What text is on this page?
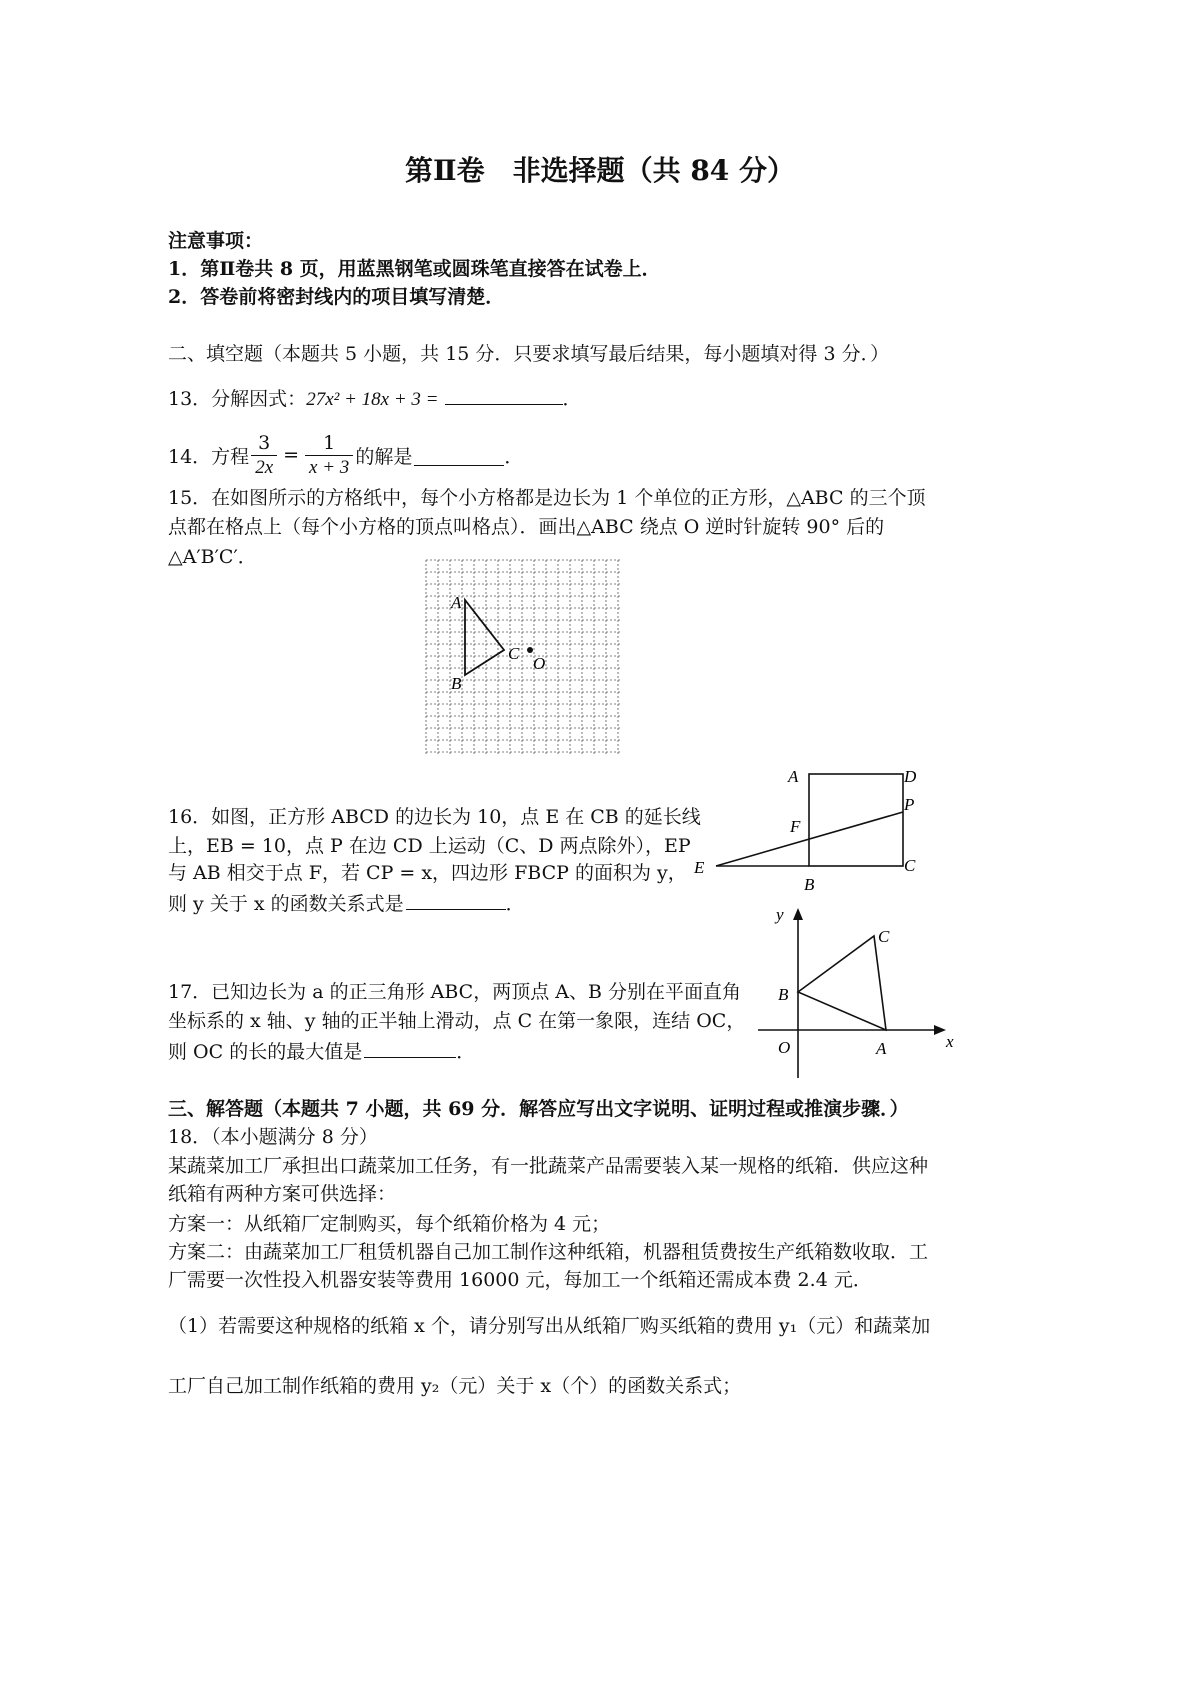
第Ⅱ卷　非选择题（共 84 分）
注意事项：
1．第Ⅱ卷共 8 页，用蓝黑钢笔或圆珠笔直接答在试卷上．
2．答卷前将密封线内的项目填写清楚．
二、填空题（本题共 5 小题，共 15 分．只要求填写最后结果，每小题填对得 3 分．）
13．分解因式：27x² + 18x + 3 =	．
14．方程 $\frac{3}{2x} = \frac{1}{x + 3}$ 的解是	．
15．在如图所示的方格纸中，每个小方格都是边长为 1 个单位的正方形，△ABC 的三个顶
点都在格点上（每个小方格的顶点叫格点）．画出△ABC 绕点 O 逆时针旋转 90° 后的
△A′B′C′．
A
B
C
O
16．如图，正方形 ABCD 的边长为 10，点 E 在 CB 的延长线
上，EB = 10，点 P 在边 CD 上运动（C、D 两点除外），EP
与 AB 相交于点 F，若 CP = x，四边形 FBCP 的面积为 y，
则 y 关于 x 的函数关系式是	．
A	D
P
F
E
B
C
17．已知边长为 a 的正三角形 ABC，两顶点 A、B 分别在平面直角
坐标系的 x 轴、y 轴的正半轴上滑动，点 C 在第一象限，连结 OC，
则 OC 的长的最大值是	．
y
x
O	A
B
C
三、解答题（本题共 7 小题，共 69 分．解答应写出文字说明、证明过程或推演步骤．）
18．（本小题满分 8 分）
某蔬菜加工厂承担出口蔬菜加工任务，有一批蔬菜产品需要装入某一规格的纸箱．供应这种
纸箱有两种方案可供选择：
方案一：从纸箱厂定制购买，每个纸箱价格为 4 元；
方案二：由蔬菜加工厂租赁机器自己加工制作这种纸箱，机器租赁费按生产纸箱数收取．工
厂需要一次性投入机器安装等费用 16000 元，每加工一个纸箱还需成本费 2.4 元．
（1）若需要这种规格的纸箱 x 个，请分别写出从纸箱厂购买纸箱的费用 y₁（元）和蔬菜加
工厂自己加工制作纸箱的费用 y₂（元）关于 x（个）的函数关系式；
